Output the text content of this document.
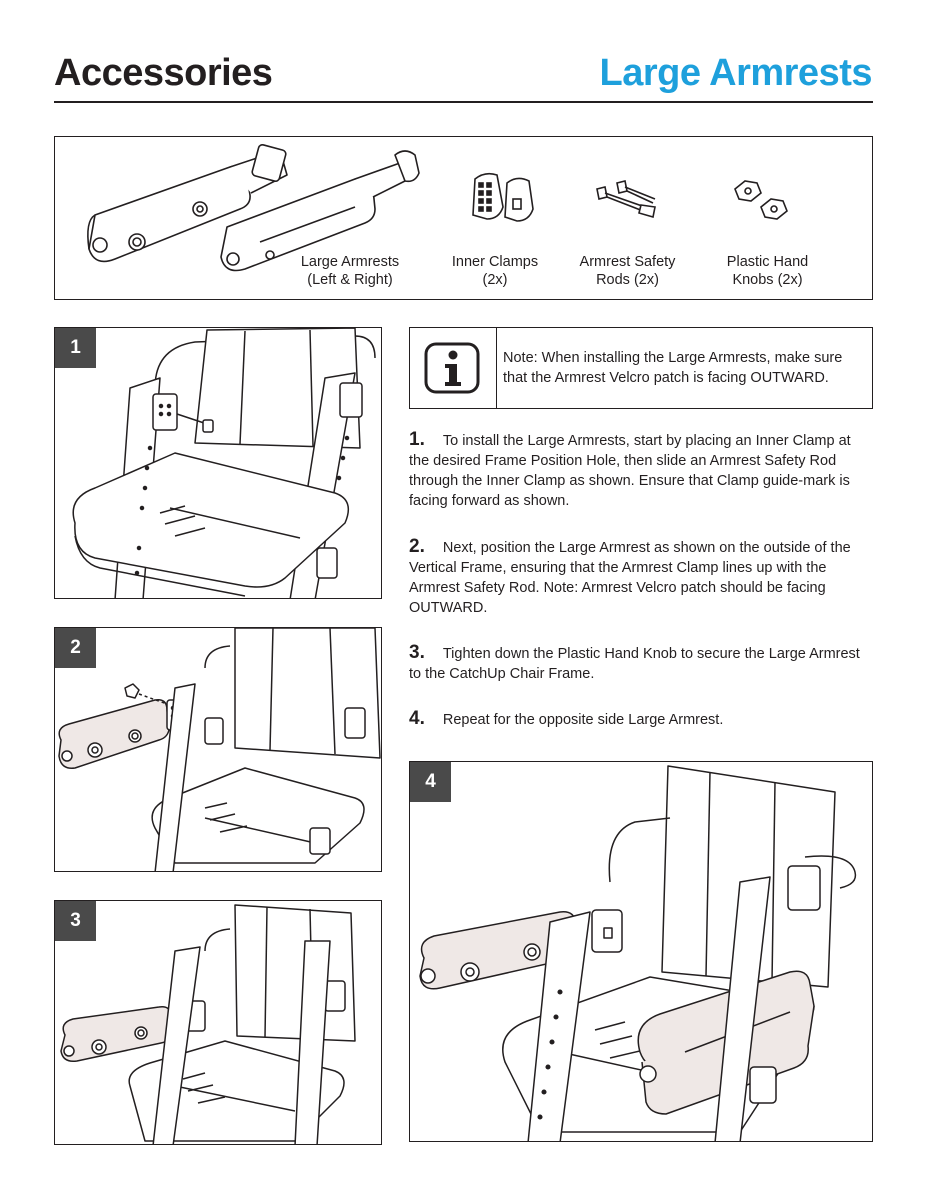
Accessories	Large Armrests
Large Armrests
(Left & Right)
Inner Clamps
(2x)
Armrest Safety
Rods (2x)
Plastic Hand
Knobs (2x)
1
2
3
Note: When installing the Large Armrests, make sure that the Armrest Velcro patch is facing OUTWARD.
1. To install the Large Armrests, start by placing an Inner Clamp at the desired Frame Position Hole, then slide an Armrest Safety Rod through the Inner Clamp as shown. Ensure that Clamp guide-mark is facing forward as shown.
2. Next, position the Large Armrest as shown on the outside of the Vertical Frame, ensuring that the Armrest Clamp lines up with the Armrest Safety Rod. Note: Armrest Velcro patch should be facing OUTWARD.
3. Tighten down the Plastic Hand Knob to secure the Large Armrest to the CatchUp Chair Frame.
4. Repeat for the opposite side Large Armrest.
4
